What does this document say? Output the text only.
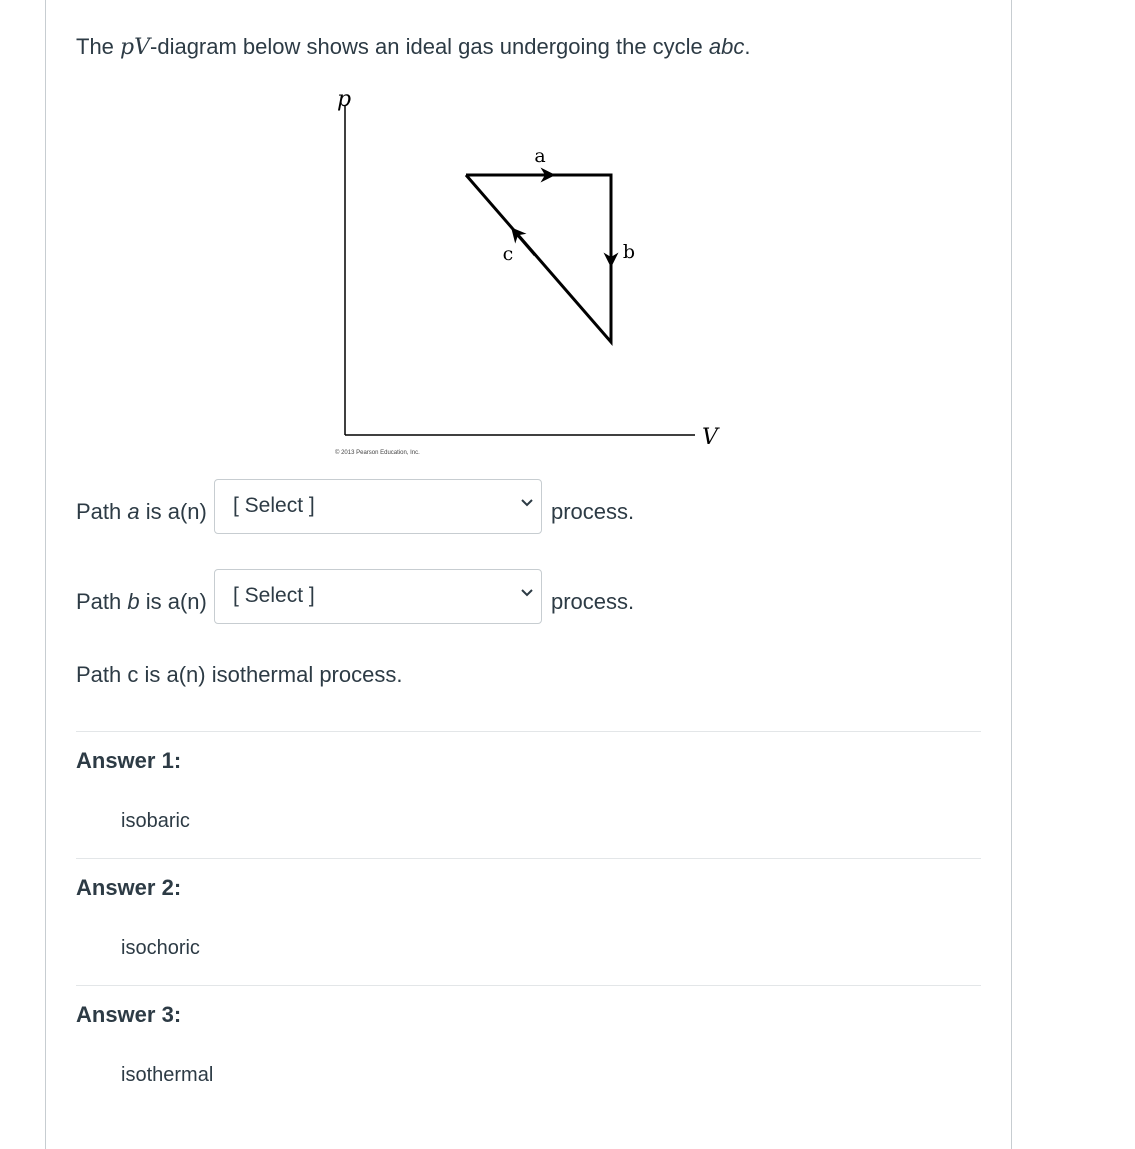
The pV-diagram below shows an ideal gas undergoing the cycle abc.
p
V
a
b
c
© 2013 Pearson Education, Inc.
Path a is a(n) [ Select ]	process.
Path b is a(n) [ Select ]	process.
Path c is a(n) isothermal process.
Answer 1:
isobaric
Answer 2:
isochoric
Answer 3:
isothermal
